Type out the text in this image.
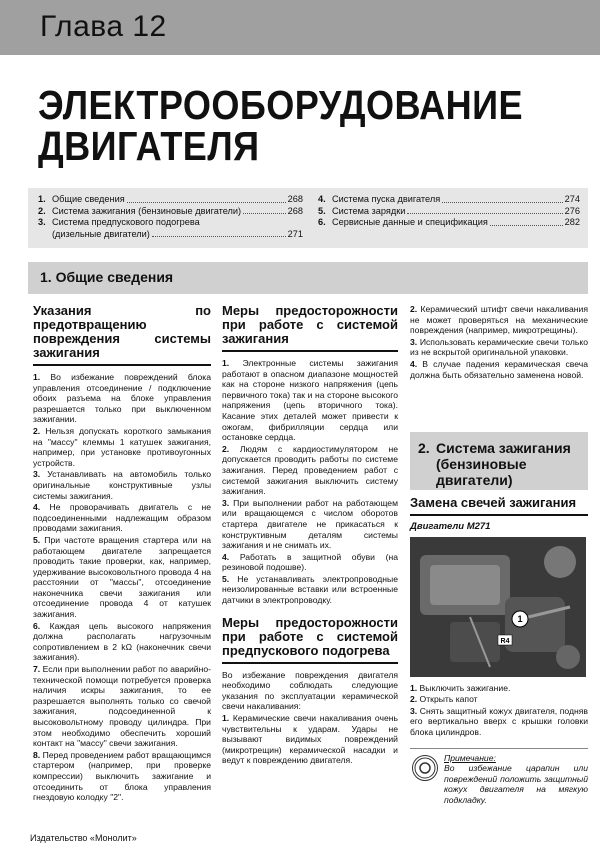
Глава 12
ЭЛЕКТРООБОРУДОВАНИЕ
ДВИГАТЕЛЯ
1. Общие сведения	268
2. Система зажигания (бензиновые двигатели)	268
3. Система предпускового подогрева
(дизельные двигатели)	271
4. Система пуска двигателя	274
5. Система зарядки	276
6. Сервисные данные и спецификация	282
1. Общие сведения
Указания по предотвращению повреждения системы зажигания
1. Во избежание повреждений блока управления отсоединение / подключение обоих разъема на блоке управления разрешается только при выключенном зажигании.
2. Нельзя допускать короткого замыкания на "массу" клеммы 1 катушек зажигания, например, при установке противоугонных устройств.
3. Устанавливать на автомобиль только оригинальные конструктивные узлы системы зажигания.
4. Не проворачивать двигатель с не подсоединенными надлежащим образом проводами зажигания.
5. При частоте вращения стартера или на работающем двигателе запрещается проводить такие проверки, как, например, удерживание высоковольтного провода 4 на расстоянии от "массы", отсоединение наконечника свечи зажигания или отсоединение провода 4 от катушек зажигания.
6. Каждая цепь высокого напряжения должна располагать нагрузочным сопротивлением в 2 kΩ (наконечник свечи зажигания).
7. Если при выполнении работ по аварийно-технической помощи потребуется проверка наличия искры зажигания, то ее разрешается выполнять только со свечой зажигания, подсоединенной к высоковольтному проводу цилиндра. При этом необходимо обеспечить хороший контакт на "массу" свечи зажигания.
8. Перед проведением работ вращающимся стартером (например, при проверке компрессии) выключить зажигание и отсоединить от блока управления гнездовую колодку "2".
Меры предосторожности при работе с системой зажигания
1. Электронные системы зажигания работают в опасном диапазоне мощностей как на стороне низкого напряжения (цепь первичного тока) так и на стороне высокого напряжения (цепь вторичного тока). Касание этих деталей может привести к ожогам, фибрилляции сердца или остановке сердца.
2. Людям с кардиостимулятором не допускается проводить работы по системе зажигания. Перед проведением работ с системой зажигания выключить систему зажигания.
3. При выполнении работ на работающем или вращающемся с числом оборотов стартера двигателе не прикасаться к конструктивным деталям системы зажигания и не снимать их.
4. Работать в защитной обуви (на резиновой подошве).
5. Не устанавливать электропроводные неизолированные вставки или встроенные датчики в электропроводку.
Меры предосторожности при работе с системой предпускового подогрева
Во избежание повреждения двигателя необходимо соблюдать следующие указания по эксплуатации керамической свечи накаливания:
1. Керамические свечи накаливания очень чувствительны к ударам. Удары не вызывают видимых повреждений (микротрещин) керамической насадки и ведут к повреждению двигателя.
2. Керамический штифт свечи накаливания не может проверяться на механические повреждения (например, микротрещины).
3. Использовать керамические свечи только из не вскрытой оригинальной упаковки.
4. В случае падения керамическая свеча должна быть обязательно заменена новой.
2. Система зажигания (бензиновые двигатели)
Замена свечей зажигания
Двигатели M271
1
R4
1. Выключить зажигание.
2. Открыть капот
3. Снять защитный кожух двигателя, подняв его вертикально вверх с крышки головки блока цилиндров.
Примечание:
Во избежание царапин или повреждений положить защитный кожух двигателя на мягкую подкладку.
Издательство «Монолит»
